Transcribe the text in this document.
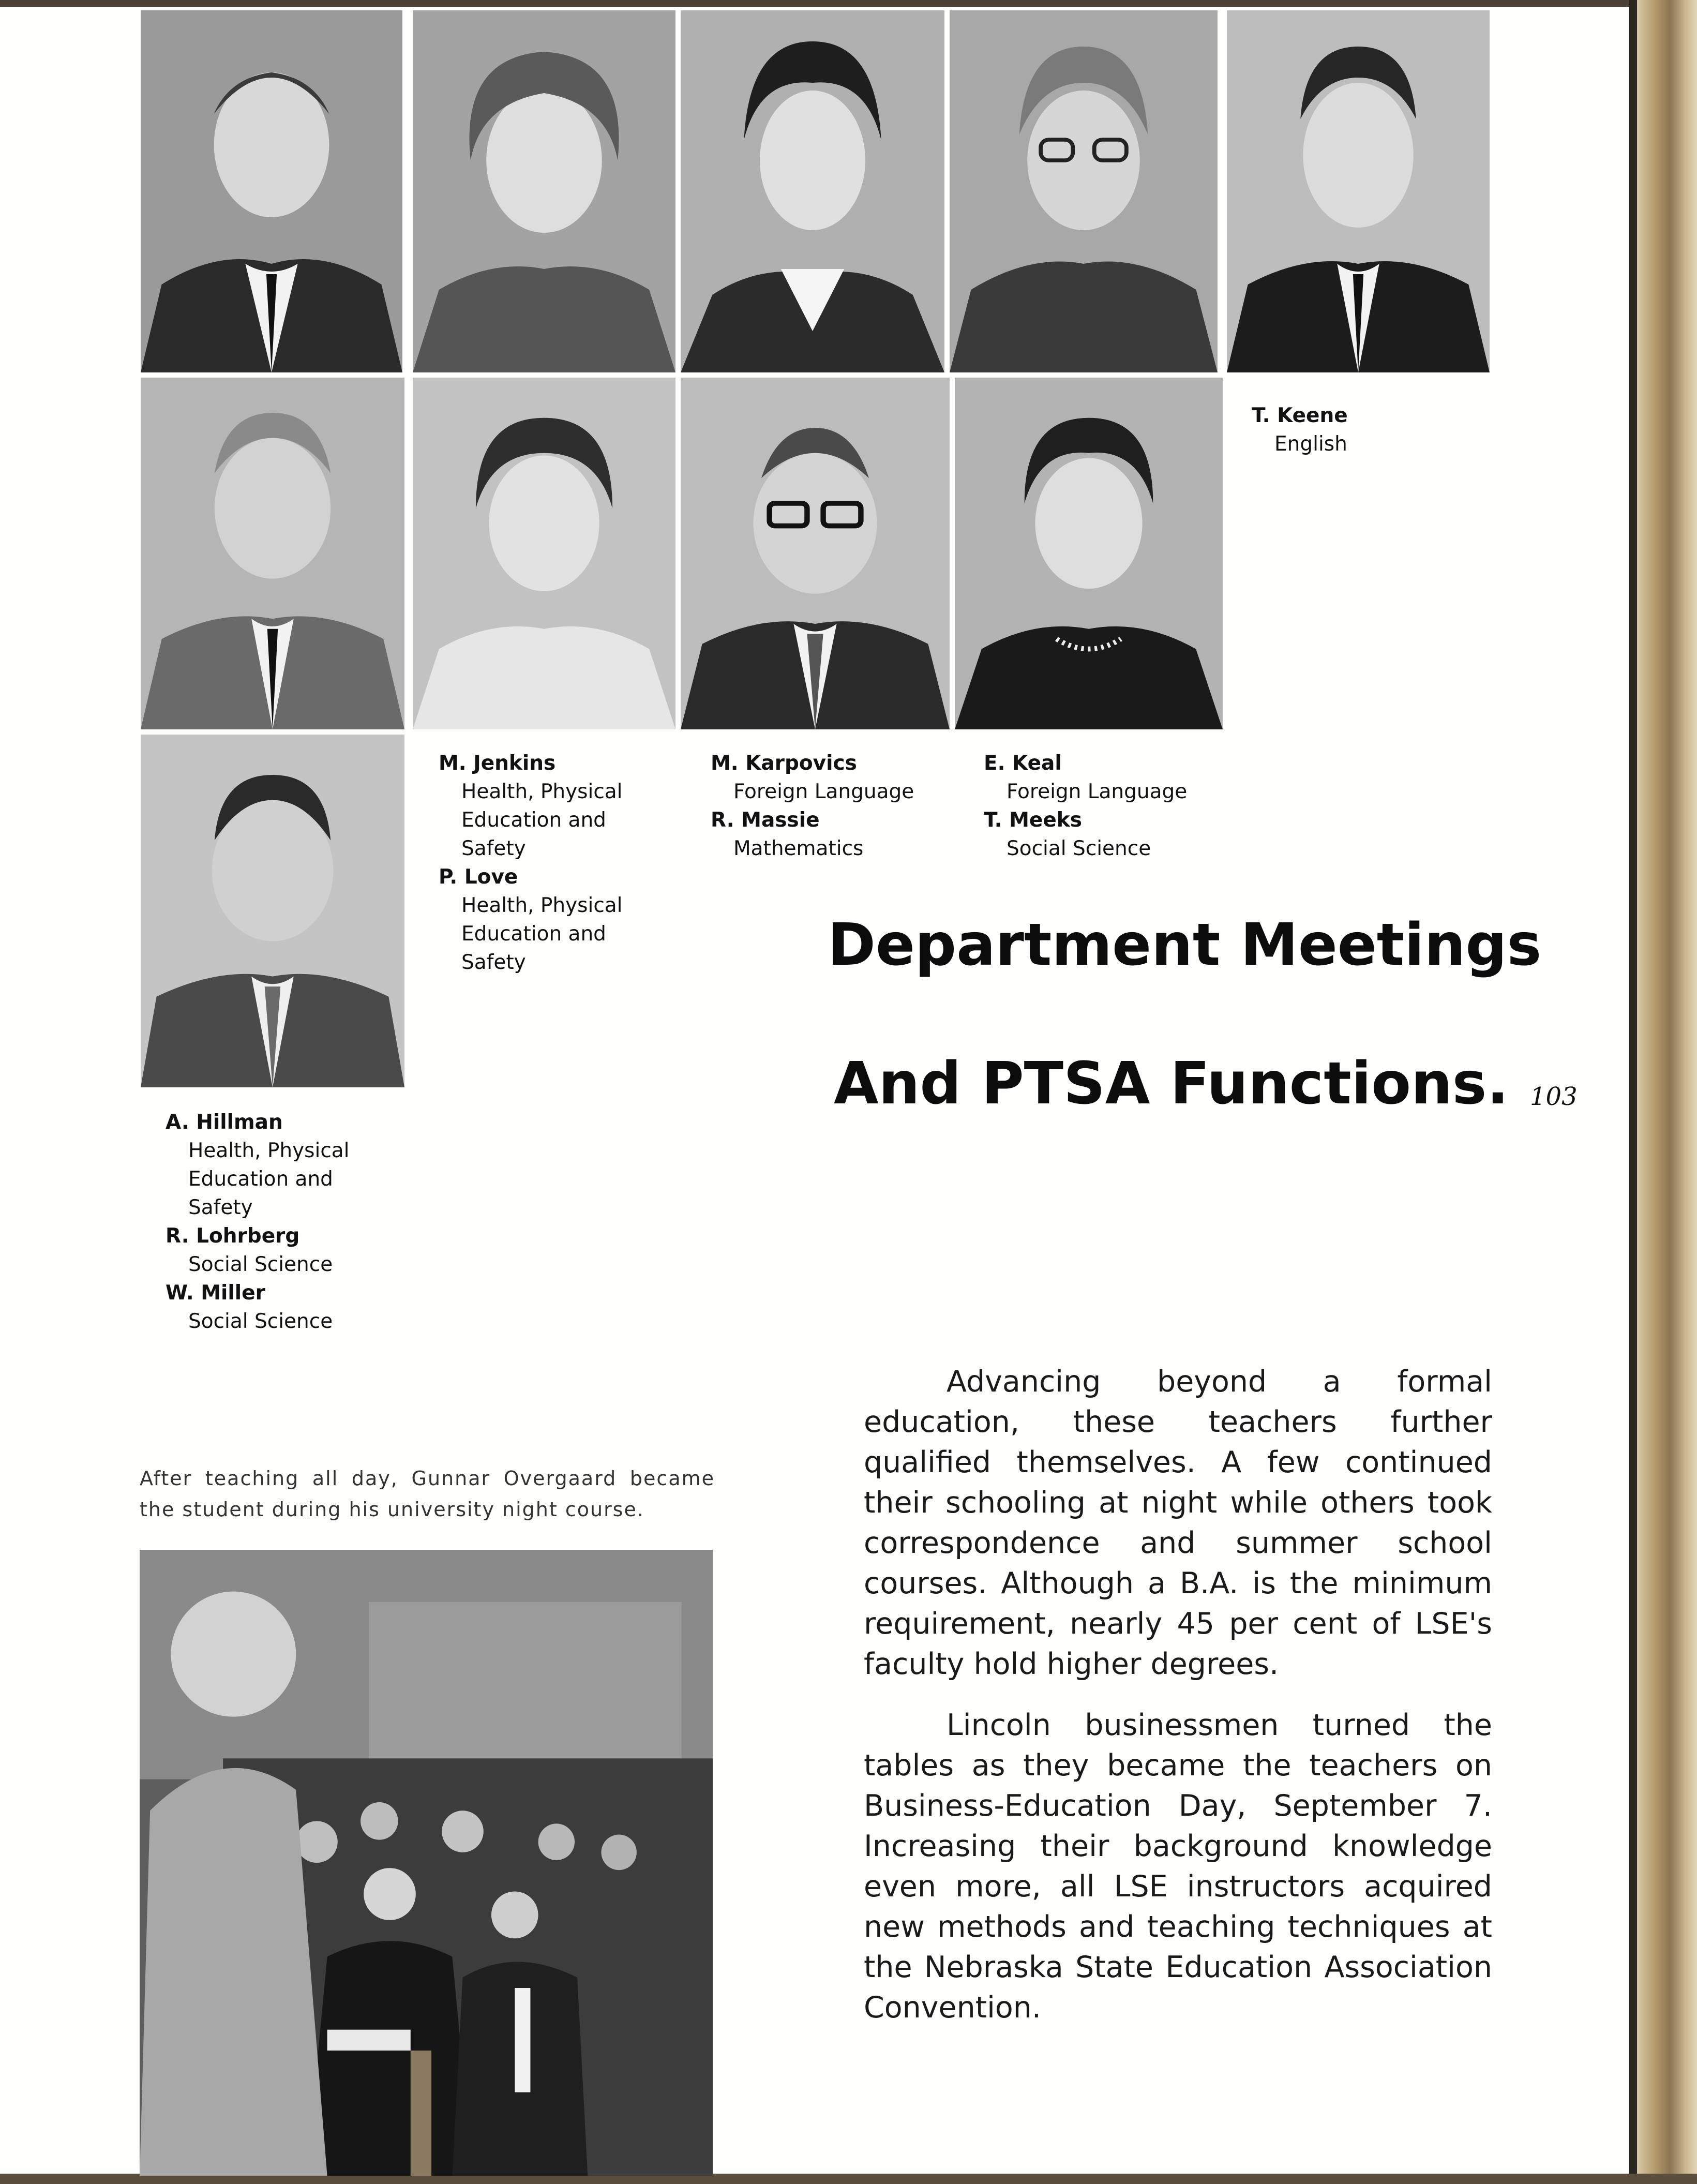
T. Keene
English
M. Jenkins
Health, Physical Education and Safety
P. Love
Health, Physical Education and Safety
M. Karpovics
Foreign Language
R. Massie
Mathematics
E. Keal
Foreign Language
T. Meeks
Social Science
A. Hillman
Health, Physical Education and Safety
R. Lohrberg
Social Science
W. Miller
Social Science
Department Meetings
And PTSA Functions. 103

After teaching all day, Gunnar Overgaard became the student during his university night course.

Advancing beyond a formal education, these teachers further qualified themselves. A few continued their schooling at night while others took correspondence and summer school courses. Although a B.A. is the minimum requirement, nearly 45 per cent of LSE's faculty hold higher degrees.

Lincoln businessmen turned the tables as they became the teachers on Business-Education Day, September 7. Increasing their background knowledge even more, all LSE instructors acquired new methods and teaching techniques at the Nebraska State Education Association Convention.
